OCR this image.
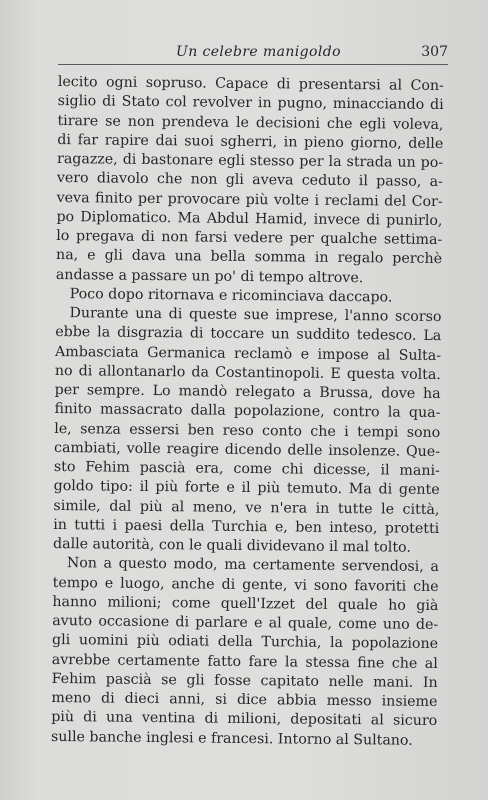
Un celebre manigoldo	307
lecito ogni sopruso. Capace di presentarsi al Con-
siglio di Stato col revolver in pugno, minacciando di
tirare se non prendeva le decisioni che egli voleva,
di far rapire dai suoi sgherri, in pieno giorno, delle
ragazze, di bastonare egli stesso per la strada un po-
vero diavolo che non gli aveva ceduto il passo, a-
veva finito per provocare più volte i reclami del Cor-
po Diplomatico. Ma Abdul Hamid, invece di punirlo,
lo pregava di non farsi vedere per qualche settima-
na, e gli dava una bella somma in regalo perchè
andasse a passare un po' di tempo altrove.
Poco dopo ritornava e ricominciava daccapo.
Durante una di queste sue imprese, l'anno scorso
ebbe la disgrazia di toccare un suddito tedesco. La
Ambasciata Germanica reclamò e impose al Sulta-
no di allontanarlo da Costantinopoli. E questa volta.
per sempre. Lo mandò relegato a Brussa, dove ha
finito massacrato dalla popolazione, contro la qua-
le, senza essersi ben reso conto che i tempi sono
cambiati, volle reagire dicendo delle insolenze. Que-
sto Fehim pascià era, come chi dicesse, il mani-
goldo tipo: il più forte e il più temuto. Ma di gente
simile, dal più al meno, ve n'era in tutte le città,
in tutti i paesi della Turchia e, ben inteso, protetti
dalle autorità, con le quali dividevano il mal tolto.
Non a questo modo, ma certamente servendosi, a
tempo e luogo, anche di gente, vi sono favoriti che
hanno milioni; come quell'Izzet del quale ho già
avuto occasione di parlare e al quale, come uno de-
gli uomini più odiati della Turchia, la popolazione
avrebbe certamente fatto fare la stessa fine che al
Fehim pascià se gli fosse capitato nelle mani. In
meno di dieci anni, si dice abbia messo insieme
più di una ventina di milioni, depositati al sicuro
sulle banche inglesi e francesi. Intorno al Sultano.
